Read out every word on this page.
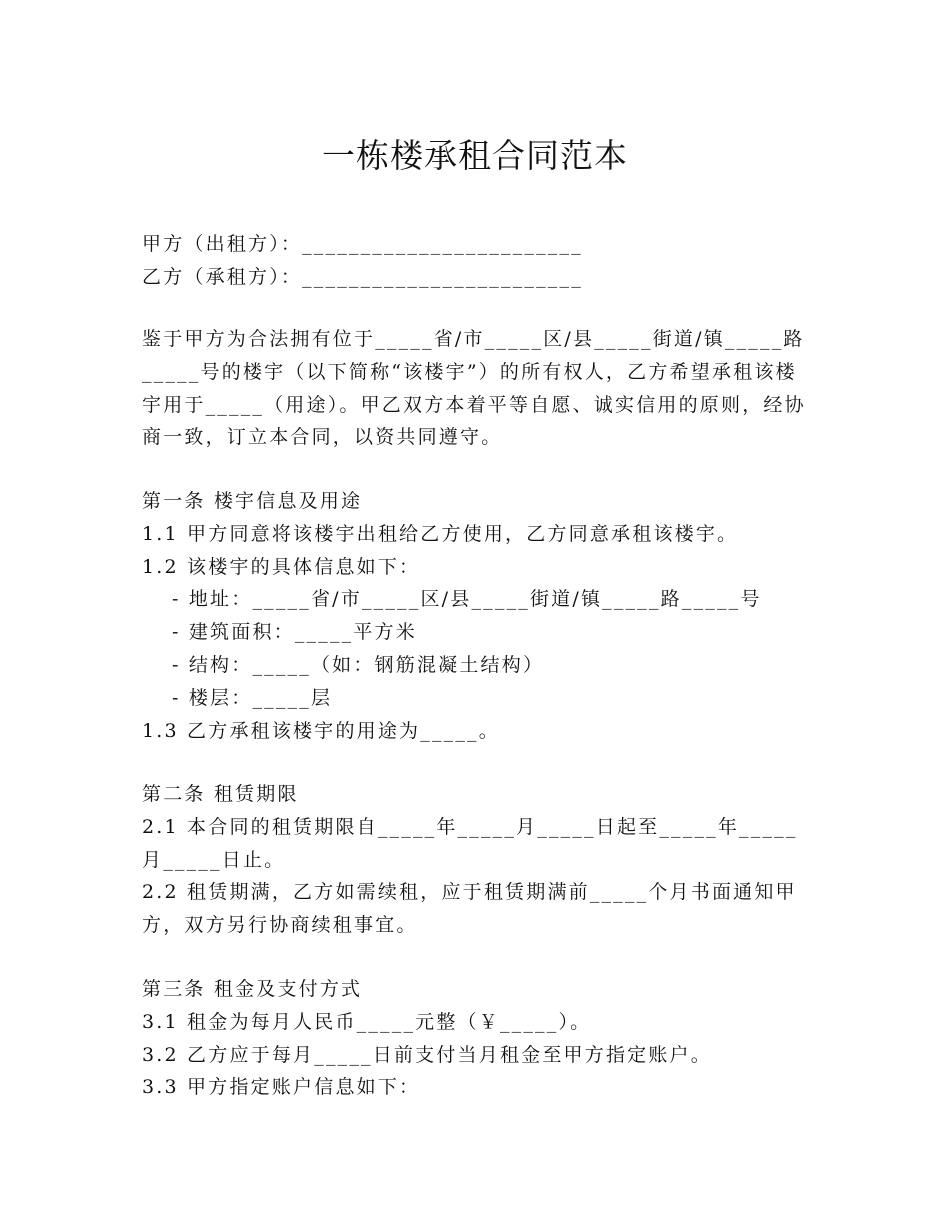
一栋楼承租合同范本

甲方（出租方）：________________________

乙方（承租方）：________________________

鉴于甲方为合法拥有位于_____省/市_____区/县_____街道/镇_____路_____号的楼宇（以下简称“该楼宇”）的所有权人，乙方希望承租该楼宇用于_____（用途）。甲乙双方本着平等自愿、诚实信用的原则，经协商一致，订立本合同，以资共同遵守。

第一条 楼宇信息及用途

1.1 甲方同意将该楼宇出租给乙方使用，乙方同意承租该楼宇。

1.2 该楼宇的具体信息如下：

- 地址：_____省/市_____区/县_____街道/镇_____路_____号

- 建筑面积：_____平方米

- 结构：_____（如：钢筋混凝土结构）

- 楼层：_____层

1.3 乙方承租该楼宇的用途为_____。

第二条 租赁期限

2.1 本合同的租赁期限自_____年_____月_____日起至_____年_____月_____日止。

2.2 租赁期满，乙方如需续租，应于租赁期满前_____个月书面通知甲方，双方另行协商续租事宜。

第三条 租金及支付方式

3.1 租金为每月人民币_____元整（￥_____）。

3.2 乙方应于每月_____日前支付当月租金至甲方指定账户。

3.3 甲方指定账户信息如下：
